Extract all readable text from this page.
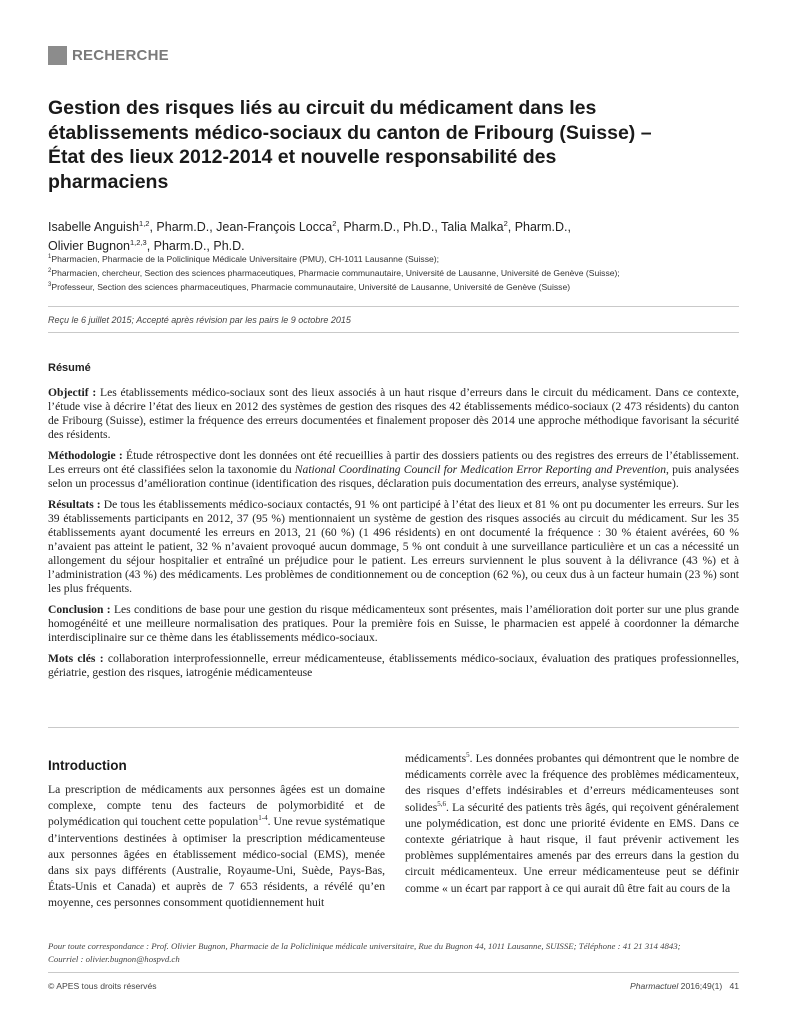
RECHERCHE
Gestion des risques liés au circuit du médicament dans les
établissements médico-sociaux du canton de Fribourg (Suisse) –
État des lieux 2012-2014 et nouvelle responsabilité des
pharmaciens
Isabelle Anguish$^{1,2}$, Pharm.D., Jean-François Locca$^2$, Pharm.D., Ph.D., Talia Malka$^2$, Pharm.D.,
Olivier Bugnon$^{1,2,3}$, Pharm.D., Ph.D.
$^1$Pharmacien, Pharmacie de la Policlinique Médicale Universitaire (PMU), CH-1011 Lausanne (Suisse);
$^2$Pharmacien, chercheur, Section des sciences pharmaceutiques, Pharmacie communautaire, Université de Lausanne, Université de Genève (Suisse);
$^3$Professeur, Section des sciences pharmaceutiques, Pharmacie communautaire, Université de Lausanne, Université de Genève (Suisse)
Reçu le 6 juillet 2015; Accepté après révision par les pairs le 9 octobre 2015
Résumé

Objectif : Les établissements médico-sociaux sont des lieux associés à un haut risque d’erreurs dans le circuit du médicament. Dans ce contexte, l’étude vise à décrire l’état des lieux en 2012 des systèmes de gestion des risques des 42 établissements médico-sociaux (2 473 résidents) du canton de Fribourg (Suisse), estimer la fréquence des erreurs documentées et finalement proposer dès 2014 une approche méthodique favorisant la sécurité des résidents.

Méthodologie : Étude rétrospective dont les données ont été recueillies à partir des dossiers patients ou des registres des erreurs de l’établissement. Les erreurs ont été classifiées selon la taxonomie du National Coordinating Council for Medication Error Reporting and Prevention, puis analysées selon un processus d’amélioration continue (identification des risques, déclaration puis documentation des erreurs, analyse systémique).

Résultats : De tous les établissements médico-sociaux contactés, 91 % ont participé à l’état des lieux et 81 % ont pu documenter les erreurs. Sur les 39 établissements participants en 2012, 37 (95 %) mentionnaient un système de gestion des risques associés au circuit du médicament. Sur les 35 établissements ayant documenté les erreurs en 2013, 21 (60 %) (1 496 résidents) en ont documenté la fréquence : 30 % étaient avérées, 60 % n’avaient pas atteint le patient, 32 % n’avaient provoqué aucun dommage, 5 % ont conduit à une surveillance particulière et un cas a nécessité un allongement du séjour hospitalier et entraîné un préjudice pour le patient. Les erreurs surviennent le plus souvent à la délivrance (43 %) et à l’administration (43 %) des médicaments. Les problèmes de conditionnement ou de conception (62 %), ou ceux dus à un facteur humain (23 %) sont les plus fréquents.

Conclusion : Les conditions de base pour une gestion du risque médicamenteux sont présentes, mais l’amélioration doit porter sur une plus grande homogénéité et une meilleure normalisation des pratiques. Pour la première fois en Suisse, le pharmacien est appelé à coordonner la démarche interdisciplinaire sur ce thème dans les établissements médico-sociaux.

Mots clés : collaboration interprofessionnelle, erreur médicamenteuse, établissements médico-sociaux, évaluation des pratiques professionnelles, gériatrie, gestion des risques, iatrogénie médicamenteuse

Introduction

La prescription de médicaments aux personnes âgées est un domaine complexe, compte tenu des facteurs de polymorbidité et de polymédication qui touchent cette population$^{1-4}$. Une revue systématique d’interventions destinées à optimiser la prescription médicamenteuse aux personnes âgées en établissement médico-social (EMS), menée dans six pays différents (Australie, Royaume-Uni, Suède, Pays-Bas, États-Unis et Canada) et auprès de 7 653 résidents, a révélé qu’en moyenne, ces personnes consomment quotidiennement huit

médicaments$^5$. Les données probantes qui démontrent que le nombre de médicaments corrèle avec la fréquence des problèmes médicamenteux, des risques d’effets indésirables et d’erreurs médicamenteuses sont solides$^{5,6}$. La sécurité des patients très âgés, qui reçoivent généralement une polymédication, est donc une priorité évidente en EMS. Dans ce contexte gériatrique à haut risque, il faut prévenir activement les problèmes supplémentaires amenés par des erreurs dans la gestion du circuit médicamenteux. Une erreur médicamenteuse peut se définir comme « un écart par rapport à ce qui aurait dû être fait au cours de la

Pour toute correspondance : Prof. Olivier Bugnon, Pharmacie de la Policlinique médicale universitaire, Rue du Bugnon 44, 1011 Lausanne, SUISSE; Téléphone : 41 21 314 4843;
Courriel : olivier.bugnon@hospvd.ch
© APES tous droits réservés	Pharmactuel 2016;49(1) 41
